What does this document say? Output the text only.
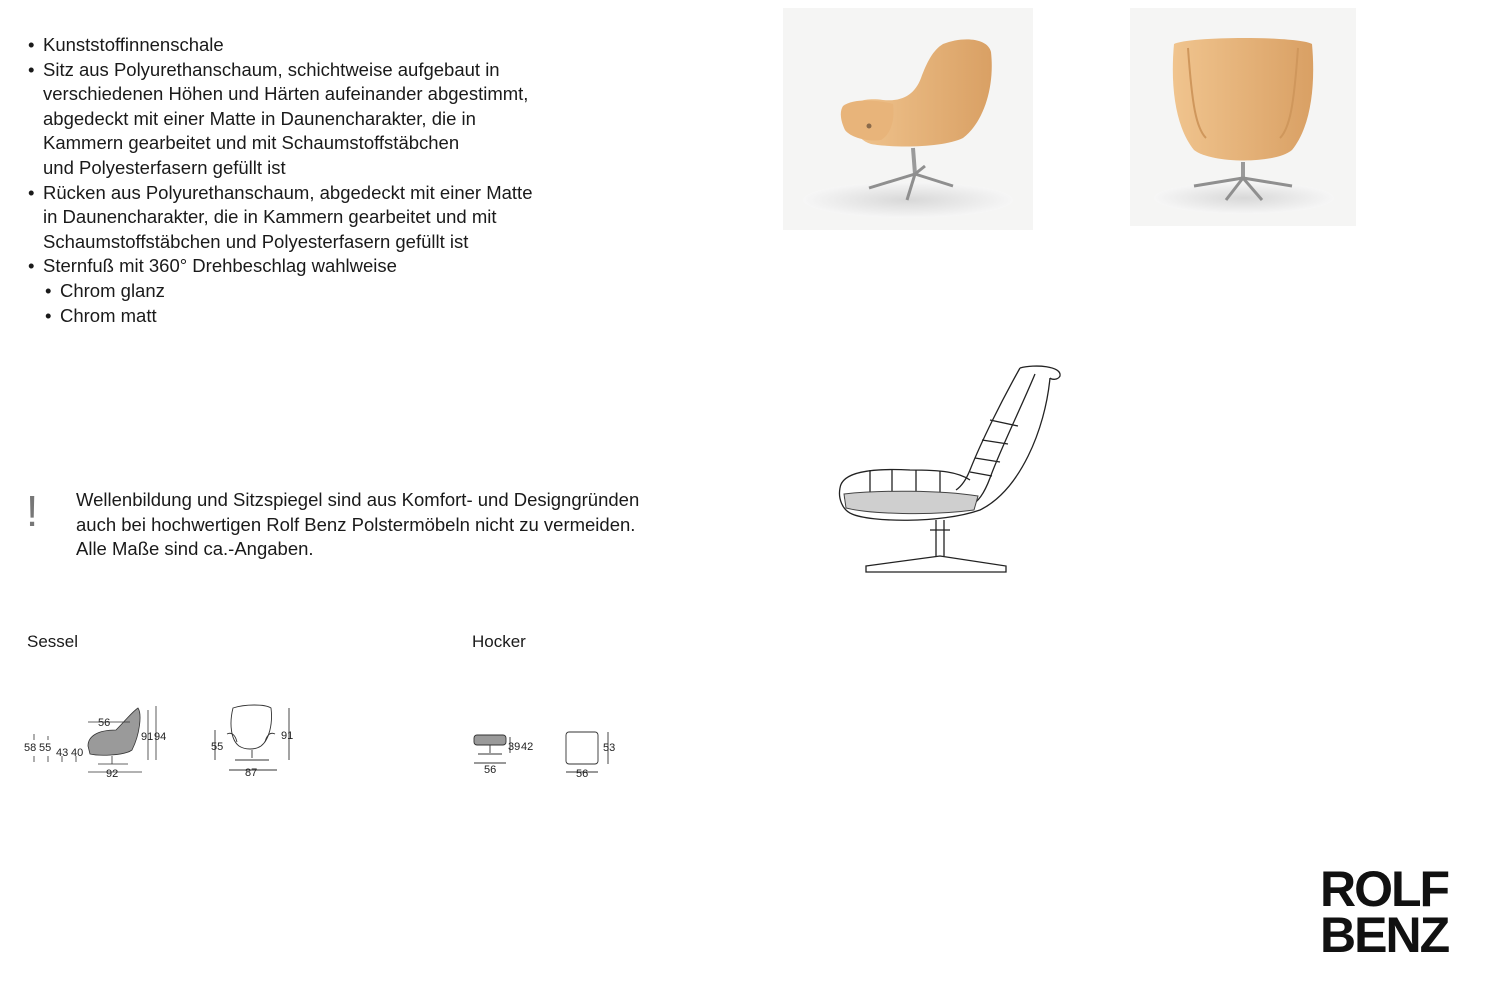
• Kunststoffinnenschale
• Sitz aus Polyurethanschaum, schichtweise aufgebaut in
verschiedenen Höhen und Härten aufeinander abgestimmt,
abgedeckt mit einer Matte in Daunencharakter, die in
Kammern gearbeitet und mit Schaumstoffstäbchen
und Polyesterfasern gefüllt ist
• Rücken aus Polyurethanschaum, abgedeckt mit einer Matte
in Daunencharakter, die in Kammern gearbeitet und mit
Schaumstoffstäbchen und Polyesterfasern gefüllt ist
• Sternfuß mit 360° Drehbeschlag wahlweise
• Chrom glanz
• Chrom matt
! Wellenbildung und Sitzspiegel sind aus Komfort- und Designgründen
auch bei hochwertigen Rolf Benz Polstermöbeln nicht zu vermeiden.
Alle Maße sind ca.-Angaben.
Sessel	Hocker
56
58 55 43 40
91 94
92
55
91
87
39 42
56
53
56
ROLF
BENZ
